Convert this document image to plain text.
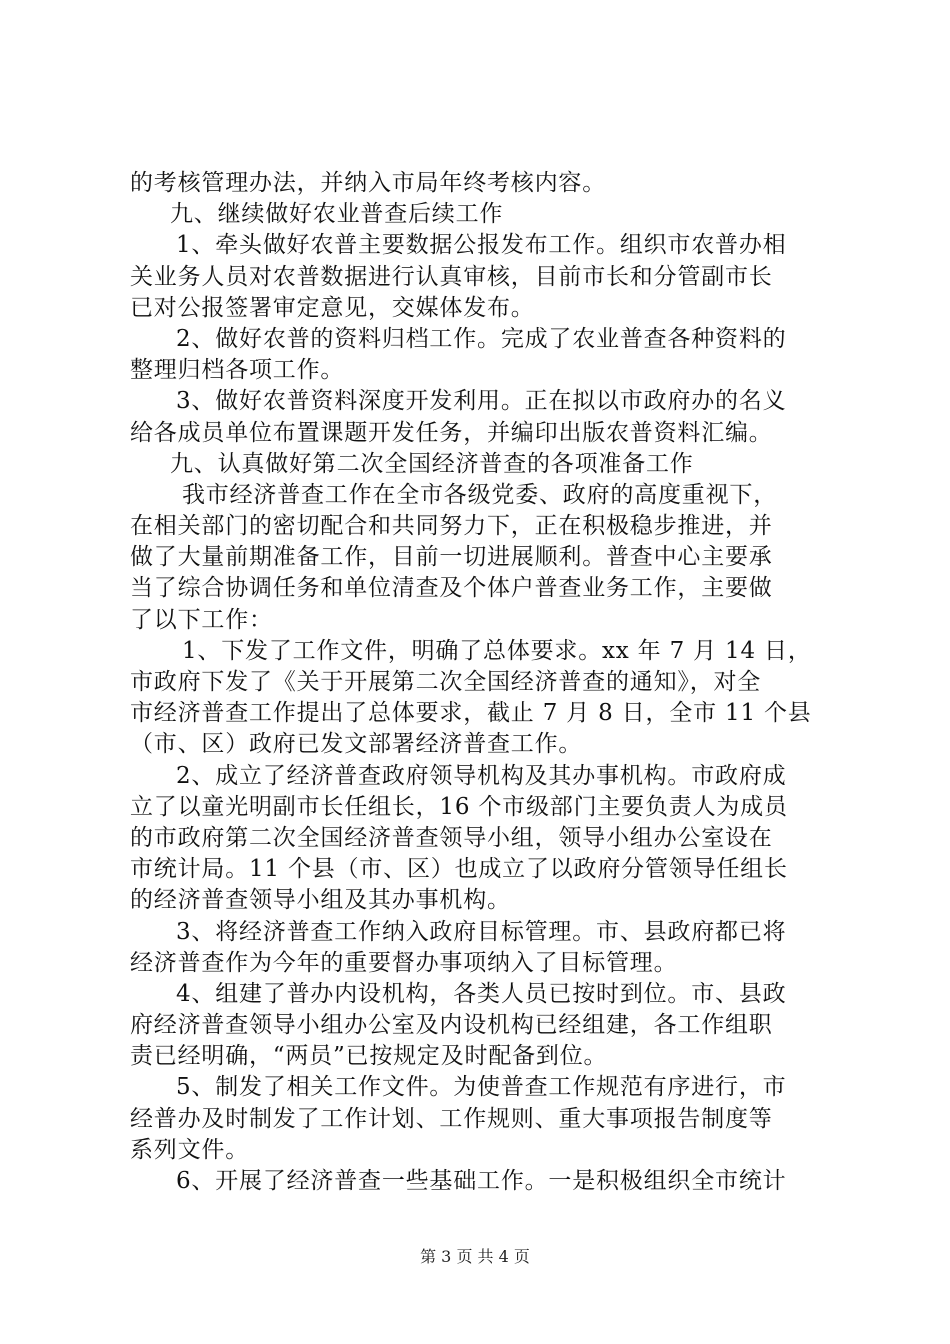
的考核管理办法，并纳入市局年终考核内容。
九、继续做好农业普查后续工作
1、牵头做好农普主要数据公报发布工作。组织市农普办相
关业务人员对农普数据进行认真审核，目前市长和分管副市长
已对公报签署审定意见，交媒体发布。
2、做好农普的资料归档工作。完成了农业普查各种资料的
整理归档各项工作。
3、做好农普资料深度开发利用。正在拟以市政府办的名义
给各成员单位布置课题开发任务，并编印出版农普资料汇编。
九、认真做好第二次全国经济普查的各项准备工作
我市经济普查工作在全市各级党委、政府的高度重视下，
在相关部门的密切配合和共同努力下，正在积极稳步推进，并
做了大量前期准备工作，目前一切进展顺利。普查中心主要承
当了综合协调任务和单位清查及个体户普查业务工作，主要做
了以下工作：
1、下发了工作文件，明确了总体要求。xx 年 7 月 14 日，
市政府下发了《关于开展第二次全国经济普查的通知》，对全
市经济普查工作提出了总体要求，截止 7 月 8 日，全市 11 个县
（市、区）政府已发文部署经济普查工作。
2、成立了经济普查政府领导机构及其办事机构。市政府成
立了以童光明副市长任组长，16 个市级部门主要负责人为成员
的市政府第二次全国经济普查领导小组，领导小组办公室设在
市统计局。11 个县（市、区）也成立了以政府分管领导任组长
的经济普查领导小组及其办事机构。
3、将经济普查工作纳入政府目标管理。市、县政府都已将
经济普查作为今年的重要督办事项纳入了目标管理。
4、组建了普办内设机构，各类人员已按时到位。市、县政
府经济普查领导小组办公室及内设机构已经组建，各工作组职
责已经明确，“两员”已按规定及时配备到位。
5、制发了相关工作文件。为使普查工作规范有序进行，市
经普办及时制发了工作计划、工作规则、重大事项报告制度等
系列文件。
6、开展了经济普查一些基础工作。一是积极组织全市统计
第 3 页 共 4 页
